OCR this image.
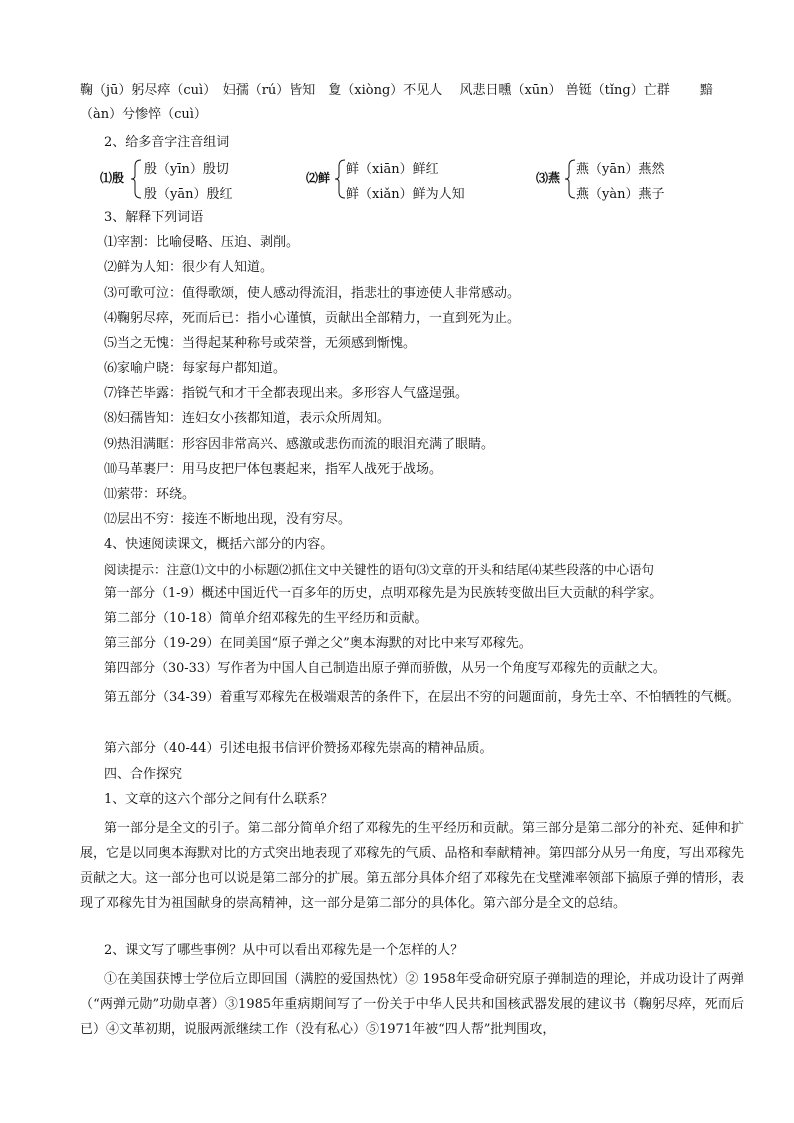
鞠（jū）躬尽瘁（cuì）　妇孺（rú）皆知　夐（xiòng）不见人　 风悲日曛（xūn） 兽铤（tǐng）亡群　　 黯
（àn）兮惨悴（cuì）
2、给多音字注音组词
⑴殷
殷（yīn）殷切
殷（yān）殷红
⑵鲜
鲜（xiān）鲜红
鲜（xiǎn）鲜为人知
⑶燕
燕（yān）燕然
燕（yàn）燕子
3、解释下列词语
⑴宰割：比喻侵略、压迫、剥削。
⑵鲜为人知：很少有人知道。
⑶可歌可泣：值得歌颂，使人感动得流泪，指悲壮的事迹使人非常感动。
⑷鞠躬尽瘁，死而后已：指小心谨慎，贡献出全部精力，一直到死为止。
⑸当之无愧：当得起某种称号或荣誉，无须感到惭愧。
⑹家喻户晓：每家每户都知道。
⑺锋芒毕露：指锐气和才干全都表现出来。多形容人气盛逞强。
⑻妇孺皆知：连妇女小孩都知道，表示众所周知。
⑼热泪满眶：形容因非常高兴、感激或悲伤而流的眼泪充满了眼睛。
⑽马革裹尸：用马皮把尸体包裹起来，指军人战死于战场。
⑾萦带：环绕。
⑿层出不穷：接连不断地出现，没有穷尽。
4、快速阅读课文，概括六部分的内容。
阅读提示：注意⑴文中的小标题⑵抓住文中关键性的语句⑶文章的开头和结尾⑷某些段落的中心语句
第一部分（1-9）概述中国近代一百多年的历史，点明邓稼先是为民族转变做出巨大贡献的科学家。
第二部分（10-18）简单介绍邓稼先的生平经历和贡献。
第三部分（19-29）在同美国“原子弹之父”奥本海默的对比中来写邓稼先。
第四部分（30-33）写作者为中国人自己制造出原子弹而骄傲，从另一个角度写邓稼先的贡献之大。
第五部分（34-39）着重写邓稼先在极端艰苦的条件下，在层出不穷的问题面前，身先士卒、不怕牺牲的气概。
第六部分（40-44）引述电报书信评价赞扬邓稼先崇高的精神品质。
四、合作探究
1、文章的这六个部分之间有什么联系？
第一部分是全文的引子。第二部分简单介绍了邓稼先的生平经历和贡献。第三部分是第二部分的补充、延伸和扩展，它是以同奥本海默对比的方式突出地表现了邓稼先的气质、品格和奉献精神。第四部分从另一角度，写出邓稼先贡献之大。这一部分也可以说是第二部分的扩展。第五部分具体介绍了邓稼先在戈壁滩率领部下搞原子弹的情形，表现了邓稼先甘为祖国献身的崇高精神，这一部分是第二部分的具体化。第六部分是全文的总结。
2、课文写了哪些事例？从中可以看出邓稼先是一个怎样的人？
①在美国获博士学位后立即回国（满腔的爱国热忱）② 1958年受命研究原子弹制造的理论，并成功设计了两弹（“两弹元勋”功勋卓著）③1985年重病期间写了一份关于中华人民共和国核武器发展的建议书（鞠躬尽瘁，死而后已）④文革初期，说服两派继续工作（没有私心）⑤1971年被“四人帮”批判围攻，
